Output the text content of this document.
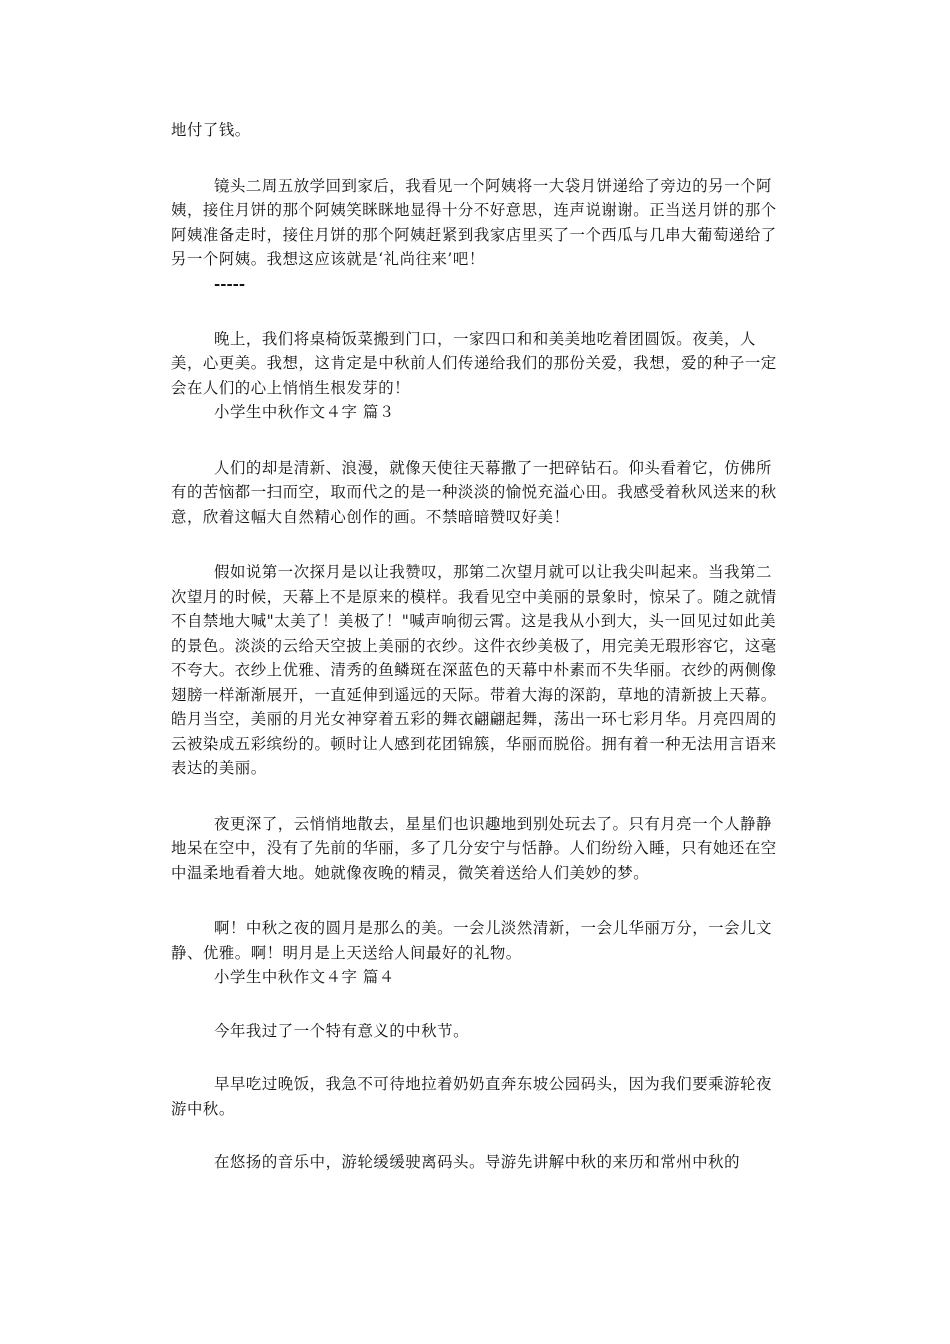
地付了钱。

镜头二周五放学回到家后，我看见一个阿姨将一大袋月饼递给了旁边的另一个阿姨，接住月饼的那个阿姨笑眯眯地显得十分不好意思，连声说谢谢。正当送月饼的那个阿姨准备走时，接住月饼的那个阿姨赶紧到我家店里买了一个西瓜与几串大葡萄递给了另一个阿姨。我想这应该就是‘礼尚往来’吧！

-----

晚上，我们将桌椅饭菜搬到门口，一家四口和和美美地吃着团圆饭。夜美，人美，心更美。我想，这肯定是中秋前人们传递给我们的那份关爱，我想，爱的种子一定会在人们的心上悄悄生根发芽的！

小学生中秋作文４字 篇３

人们的却是清新、浪漫，就像天使往天幕撒了一把碎钻石。仰头看着它，仿佛所有的苦恼都一扫而空，取而代之的是一种淡淡的愉悦充溢心田。我感受着秋风送来的秋意，欣着这幅大自然精心创作的画。不禁暗暗赞叹好美！

假如说第一次探月是以让我赞叹，那第二次望月就可以让我尖叫起来。当我第二次望月的时候，天幕上不是原来的模样。我看见空中美丽的景象时，惊呆了。随之就情不自禁地大喊"太美了！美极了！"喊声响彻云霄。这是我从小到大，头一回见过如此美的景色。淡淡的云给天空披上美丽的衣纱。这件衣纱美极了，用完美无瑕形容它，这毫不夸大。衣纱上优雅、清秀的鱼鳞斑在深蓝色的天幕中朴素而不失华丽。衣纱的两侧像翅膀一样渐渐展开，一直延伸到遥远的天际。带着大海的深韵，草地的清新披上天幕。皓月当空，美丽的月光女神穿着五彩的舞衣翩翩起舞，荡出一环七彩月华。月亮四周的云被染成五彩缤纷的。顿时让人感到花团锦簇，华丽而脱俗。拥有着一种无法用言语来表达的美丽。

夜更深了，云悄悄地散去，星星们也识趣地到别处玩去了。只有月亮一个人静静地呆在空中，没有了先前的华丽，多了几分安宁与恬静。人们纷纷入睡，只有她还在空中温柔地看着大地。她就像夜晚的精灵，微笑着送给人们美妙的梦。

啊！中秋之夜的圆月是那么的美。一会儿淡然清新，一会儿华丽万分，一会儿文静、优雅。啊！明月是上天送给人间最好的礼物。

小学生中秋作文４字 篇４

今年我过了一个特有意义的中秋节。

早早吃过晚饭，我急不可待地拉着奶奶直奔东坡公园码头，因为我们要乘游轮夜游中秋。

在悠扬的音乐中，游轮缓缓驶离码头。导游先讲解中秋的来历和常州中秋的
